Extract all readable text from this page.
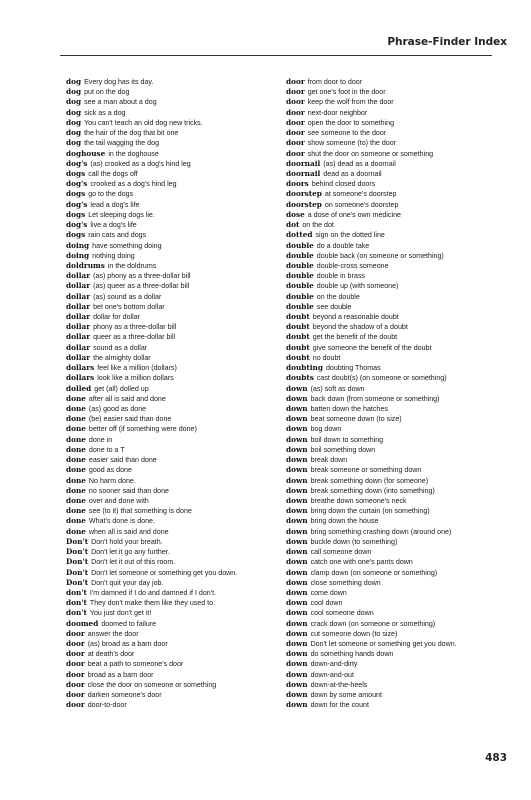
Phrase-Finder Index
dog Every dog has its day.
dog put on the dog
dog see a man about a dog
dog sick as a dog
dog You can't teach an old dog new tricks.
dog the hair of the dog that bit one
dog the tail wagging the dog
doghouse in the doghouse
dog's (as) crooked as a dog's hind leg
dogs call the dogs off
dog's crooked as a dog's hind leg
dogs go to the dogs
dog's lead a dog's life
dogs Let sleeping dogs lie.
dog's live a dog's life
dogs rain cats and dogs
doing have something doing
doing nothing doing
doldrums in the doldrums
dollar (as) phony as a three-dollar bill
dollar (as) queer as a three-dollar bill
dollar (as) sound as a dollar
dollar bet one's bottom dollar
dollar dollar for dollar
dollar phony as a three-dollar bill
dollar queer as a three-dollar bill
dollar sound as a dollar
dollar the almighty dollar
dollars feel like a million (dollars)
dollars look like a million dollars
dolled get (all) dolled up
done after all is said and done
done (as) good as done
done (be) easier said than done
done better off (if something were done)
done done in
done done to a T
done easier said than done
done good as done
done No harm done.
done no sooner said than done
done over and done with
done see (to it) that something is done
done What's done is done.
done when all is said and done
Don't Don't hold your breath.
Don't Don't let it go any further.
Don't Don't let it out of this room.
Don't Don't let someone or something get you down.
Don't Don't quit your day job.
don't I'm damned if I do and damned if I don't.
don't They don't make them like they used to.
don't You just don't get it!
doomed doomed to failure
door answer the door
door (as) broad as a barn door
door at death's door
door beat a path to someone's door
door broad as a barn door
door close the door on someone or something
door darken someone's door
door door-to-door
door from door to door
door get one's foot in the door
door keep the wolf from the door
door next-door neighbor
door open the door to something
door see someone to the door
door show someone (to) the door
door shut the door on someone or something
doornail (as) dead as a doornail
doornail dead as a doornail
doors behind closed doors
doorstep at someone's doorstep
doorstep on someone's doorstep
dose a dose of one's own medicine
dot on the dot
dotted sign on the dotted line
double do a double take
double double back (on someone or something)
double double-cross someone
double double in brass
double double up (with someone)
double on the double
double see double
doubt beyond a reasonable doubt
doubt beyond the shadow of a doubt
doubt get the benefit of the doubt
doubt give someone the benefit of the doubt
doubt no doubt
doubting doubting Thomas
doubts cast doubt(s) (on someone or something)
down (as) soft as down
down back down (from someone or something)
down batten down the hatches
down beat someone down (to size)
down bog down
down boil down to something
down boil something down
down break down
down break someone or something down
down break something down (for someone)
down break something down (into something)
down breathe down someone's neck
down bring down the curtain (on something)
down bring down the house
down bring something crashing down (around one)
down buckle down (to something)
down call someone down
down catch one with one's pants down
down clamp down (on someone or something)
down close something down
down come down
down cool down
down cool someone down
down crack down (on someone or something)
down cut someone down (to size)
down Don't let someone or something get you down.
down do something hands down
down down-and-dirty
down down-and-out
down down-at-the-heels
down down by some amount
down down for the count
483
